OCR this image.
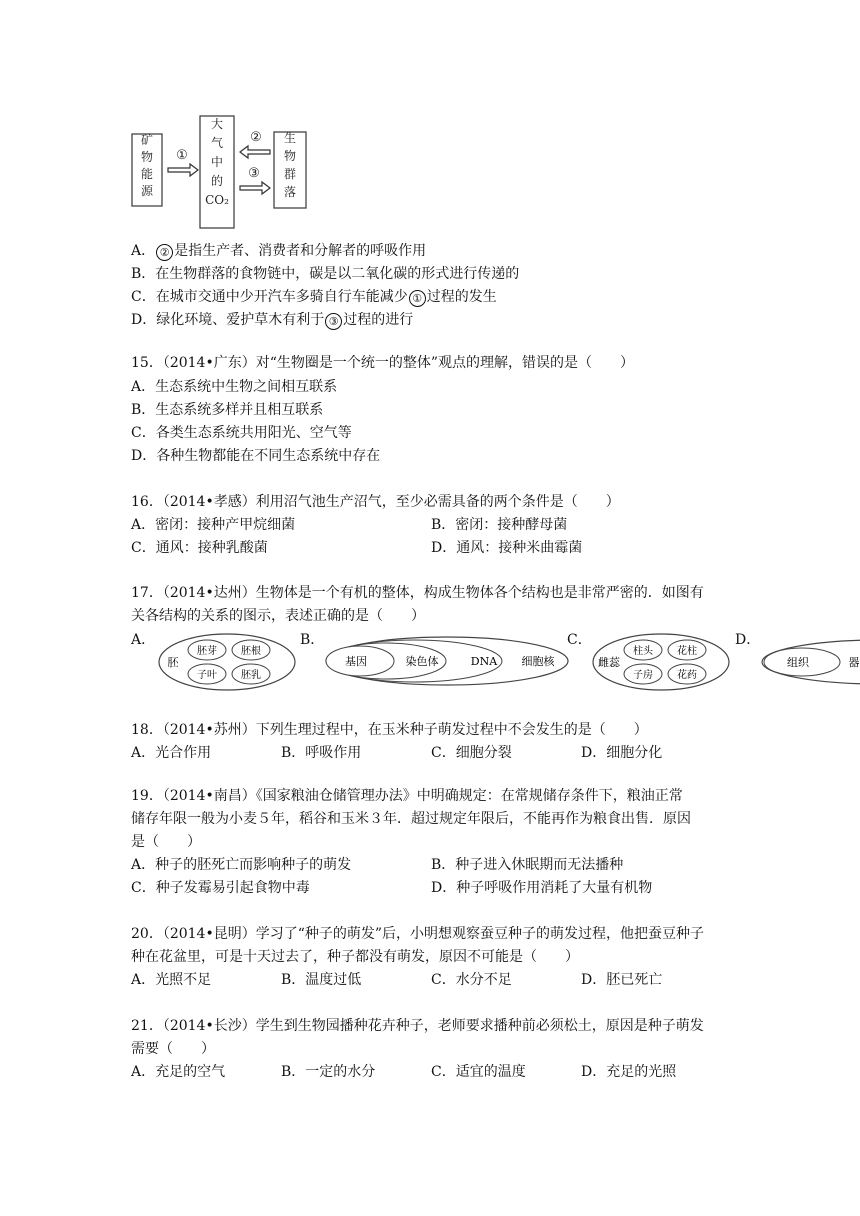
矿物能源
①
大气中的 CO₂
②
③
生物群落
A． ② 是指生产者、消费者和分解者的呼吸作用
B．在生物群落的食物链中，碳是以二氧化碳的形式进行传递的
C．在城市交通中少开汽车多骑自行车能减少 ① 过程的发生
D．绿化环境、爱护草木有利于 ③ 过程的进行
15．（2014•广东）对“生物圈是一个统一的整体”观点的理解，错误的是（　　）
A．生态系统中生物之间相互联系
B．生态系统多样并且相互联系
C．各类生态系统共用阳光、空气等
D．各种生物都能在不同生态系统中存在
16．（2014•孝感）利用沼气池生产沼气，至少必需具备的两个条件是（　　）
A．密闭：接种产甲烷细菌	B．密闭：接种酵母菌
C．通风：接种乳酸菌	D．通风：接种米曲霉菌
17．（2014•达州）生物体是一个有机的整体，构成生物体各个结构也是非常严密的．如图有
关各结构的关系的图示，表述正确的是（　　）
A．	B．	C．	D．
胚
胚芽 胚根
子叶 胚乳
基因	染色体	DNA 细胞核	雌蕊
柱头 花柱
子房 花药
组织	器
18．（2014•苏州）下列生理过程中，在玉米种子萌发过程中不会发生的是（　　）
A．光合作用	B．呼吸作用	C．细胞分裂	D．细胞分化
19．（2014•南昌）《国家粮油仓储管理办法》中明确规定：在常规储存条件下，粮油正常
储存年限一般为小麦５年，稻谷和玉米３年．超过规定年限后，不能再作为粮食出售．原因
是（　　）
A．种子的胚死亡而影响种子的萌发	B．种子进入休眠期而无法播种
C．种子发霉易引起食物中毒	D．种子呼吸作用消耗了大量有机物
20．（2014•昆明）学习了“种子的萌发”后，小明想观察蚕豆种子的萌发过程，他把蚕豆种子
种在花盆里，可是十天过去了，种子都没有萌发，原因不可能是（　　）
A．光照不足	B．温度过低	C．水分不足	D．胚已死亡
21．（2014•长沙）学生到生物园播种花卉种子，老师要求播种前必须松土，原因是种子萌发
需要（　　）
A．充足的空气	B．一定的水分	C．适宜的温度	D．充足的光照
